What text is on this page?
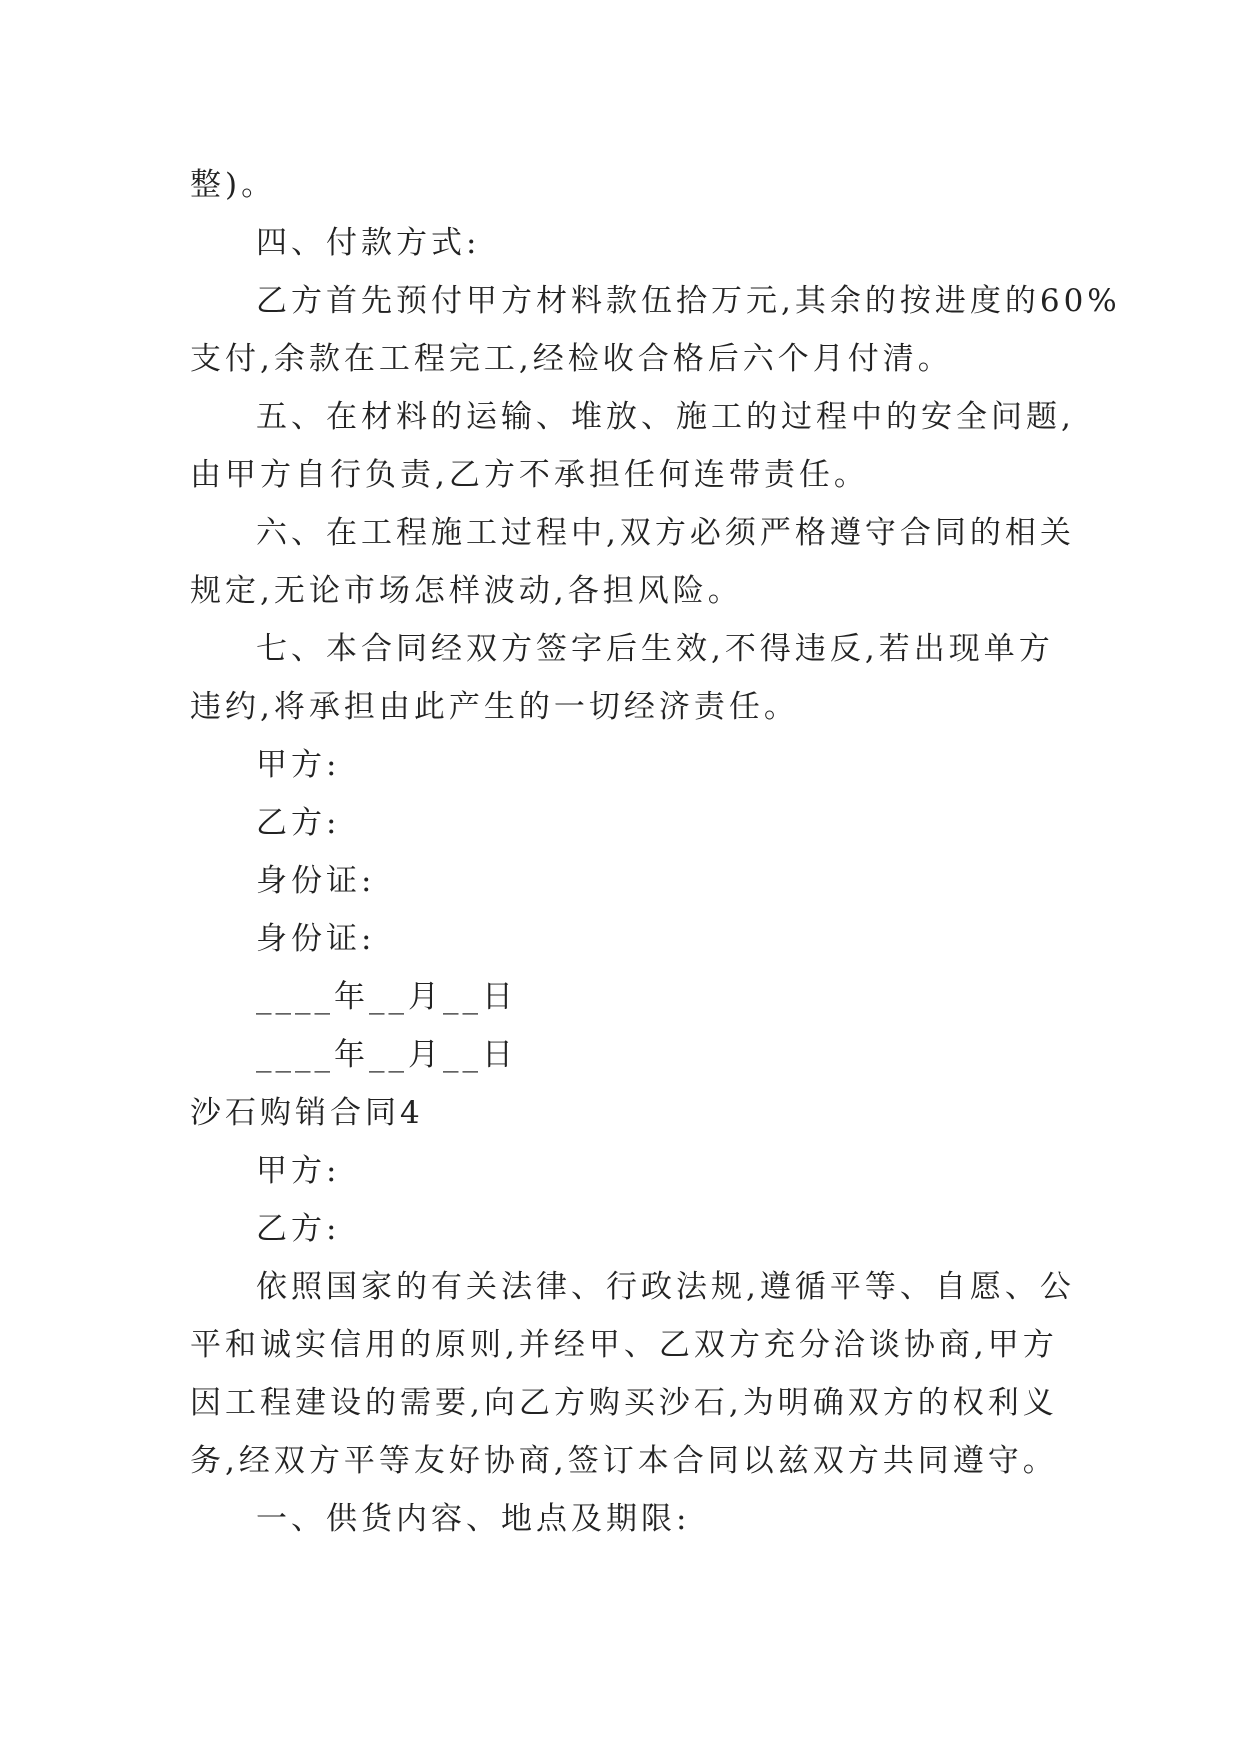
整)。
四、付款方式:
乙方首先预付甲方材料款伍拾万元,其余的按进度的60%
支付,余款在工程完工,经检收合格后六个月付清。
五、在材料的运输、堆放、施工的过程中的安全问题,
由甲方自行负责,乙方不承担任何连带责任。
六、在工程施工过程中,双方必须严格遵守合同的相关
规定,无论市场怎样波动,各担风险。
七、本合同经双方签字后生效,不得违反,若出现单方
违约,将承担由此产生的一切经济责任。
甲方:
乙方:
身份证:
身份证:
____年__月__日
____年__月__日
沙石购销合同4
甲方:
乙方:
依照国家的有关法律、行政法规,遵循平等、自愿、公
平和诚实信用的原则,并经甲、乙双方充分洽谈协商,甲方
因工程建设的需要,向乙方购买沙石,为明确双方的权利义
务,经双方平等友好协商,签订本合同以兹双方共同遵守。
一、供货内容、地点及期限:
